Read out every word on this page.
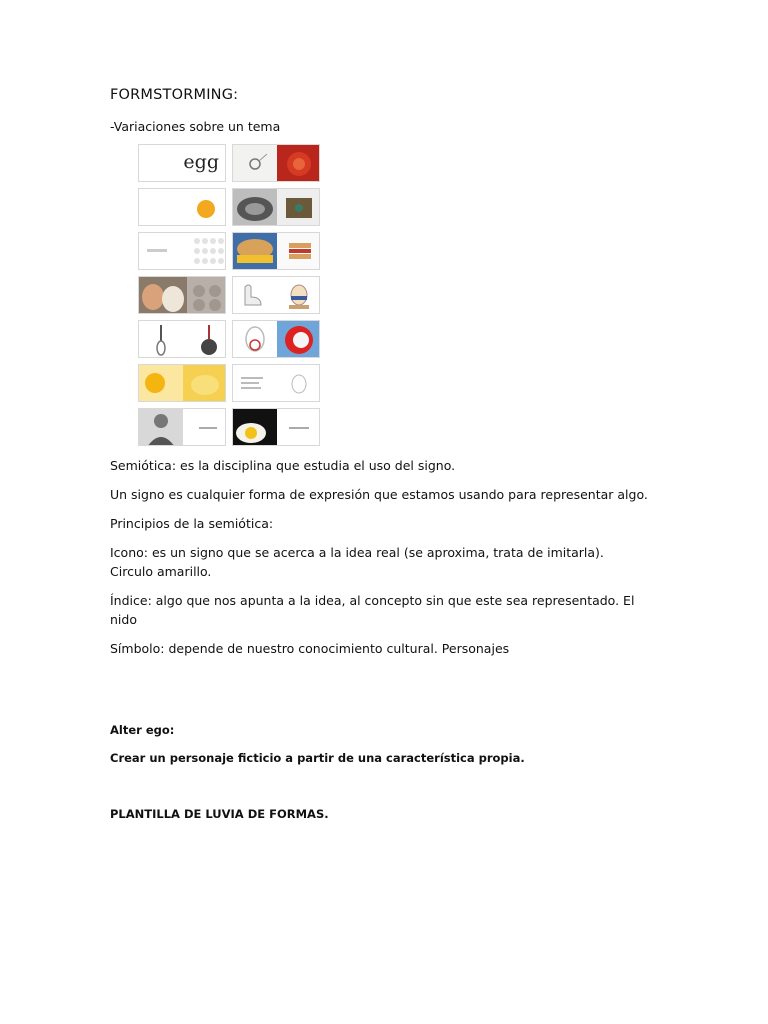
FORMSTORMING:
-Variaciones sobre un tema
egg
Semiótica: es la disciplina que estudia el uso del signo.
Un signo es cualquier forma de expresión que estamos usando para representar algo.
Principios de la semiótica:
Icono: es un signo que se acerca a la idea real (se aproxima, trata de imitarla). Circulo amarillo.
Índice: algo que nos apunta a la idea, al concepto sin que este sea representado. El nido
Símbolo: depende de nuestro conocimiento cultural. Personajes
Alter ego:
Crear un personaje ficticio a partir de una característica propia.
PLANTILLA DE LUVIA DE FORMAS.
